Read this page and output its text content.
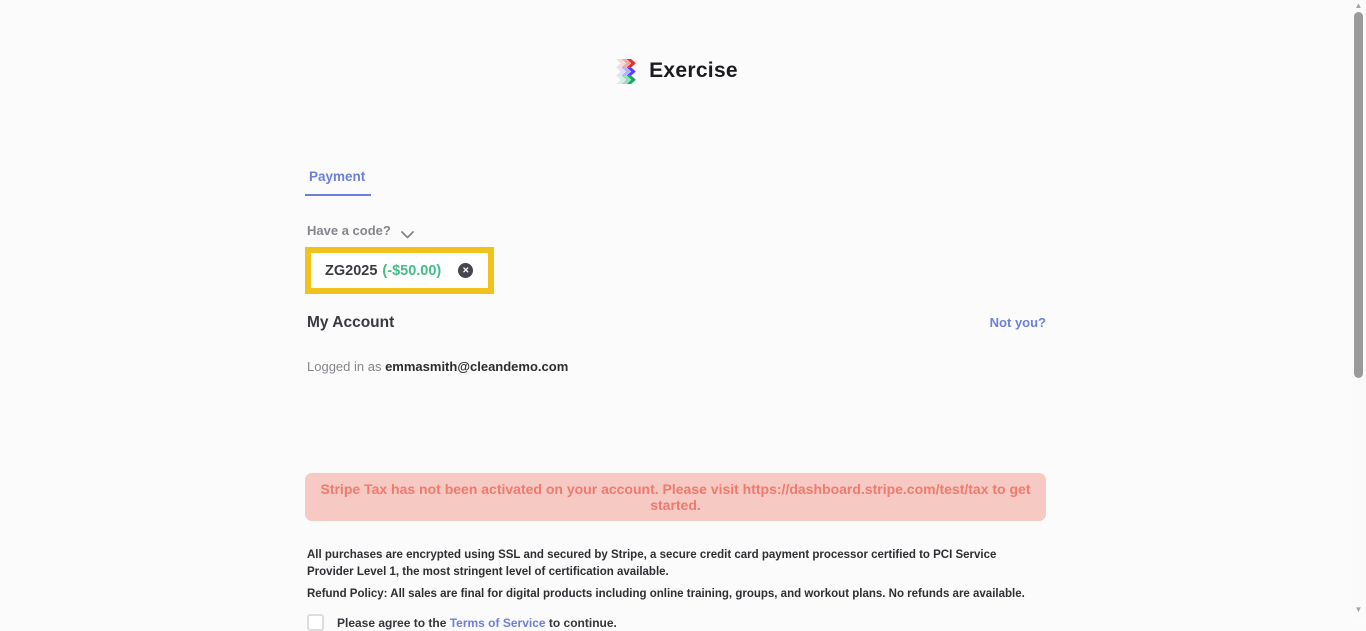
Exercise
Payment
Have a code?
ZG2025 (-$50.00) ✕
My Account	Not you?
Logged in as emmasmith@cleandemo.com
Stripe Tax has not been activated on your account. Please visit https://dashboard.stripe.com/test/tax to get started.

All purchases are encrypted using SSL and secured by Stripe, a secure credit card payment processor certified to PCI Service Provider Level 1, the most stringent level of certification available.

Refund Policy: All sales are final for digital products including online training, groups, and workout plans. No refunds are available.

Please agree to the Terms of Service to continue.
▲
▼
